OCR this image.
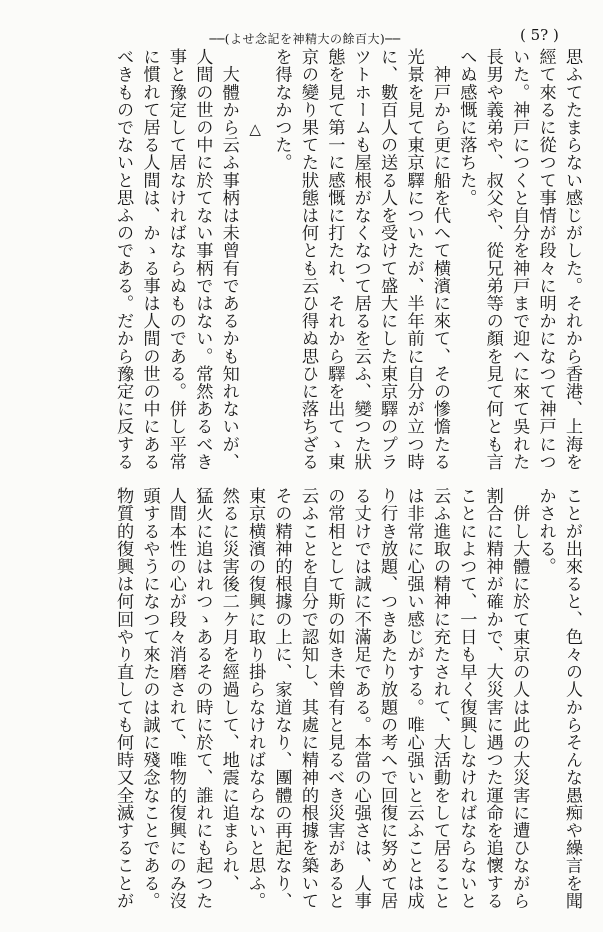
──(よせ念記を神精大の餘百大)──	( 5? )
思ふてたまらない感じがした。それから香港、上海を
經て來るに從つて事情が段々に明かになつて神戸につ
いた。神戸につくと自分を神戸まで迎へに來て吳れた
長男や義弟や、叔父や、從兄弟等の顏を見て何とも言
へぬ感慨に落ちた。
　神戸から更に船を代へて横濱に來て、その慘憺たる
光景を見て東京驛についたが、半年前に自分が立つ時
に、數百人の送る人を受けて盛大にした東京驛のプラ
ツトホームも屋根がなくなつて居るを云ふ、變つた狀
態を見て第一に感慨に打たれ、それから驛を出てゝ東
京の變り果てた狀態は何とも云ひ得ぬ思ひに落ちざる
を得なかつた。
△
　大體から云ふ事柄は未曾有であるかも知れないが、
人間の世の中に於てない事柄ではない。常然あるべき
事と豫定して居なければならぬものである。併し平常
に慣れて居る人間は、かゝる事は人間の世の中にある
べきものでないと思ふのである。だから豫定に反する
ことが出來ると、色々の人からそんな愚痴や繰言を聞
かされる。
　併し大體に於て東京の人は此の大災害に遭ひながら
割合に精神が確かで、大災害に遇つた運命を追懷する
ことによつて、一日も早く復興しなければならないと
云ふ進取の精神に充たされて、大活動をして居ること
は非常に心强い感じがする。唯心强いと云ふことは成
り行き放題、つきあたり放題の考へで回復に努めて居
る丈けでは誠に不滿足である。本當の心强さは、人事
の常相として斯の如き未曾有と見るべき災害があると
云ふことを自分で認知し、其處に精神的根據を築いて
その精神的根據の上に、家道なり、團體の再起なり、
東京横濱の復興に取り掛らなければならないと思ふ。
然るに災害後二ケ月を經過して、地震に追まられ、
猛火に追はれつゝあるその時に於て、誰れにも起つた
人間本性の心が段々消磨されて、唯物的復興にのみ沒
頭するやうになつて來たのは誠に殘念なことである。
物質的復興は何回やり直しても何時又全滅することが
